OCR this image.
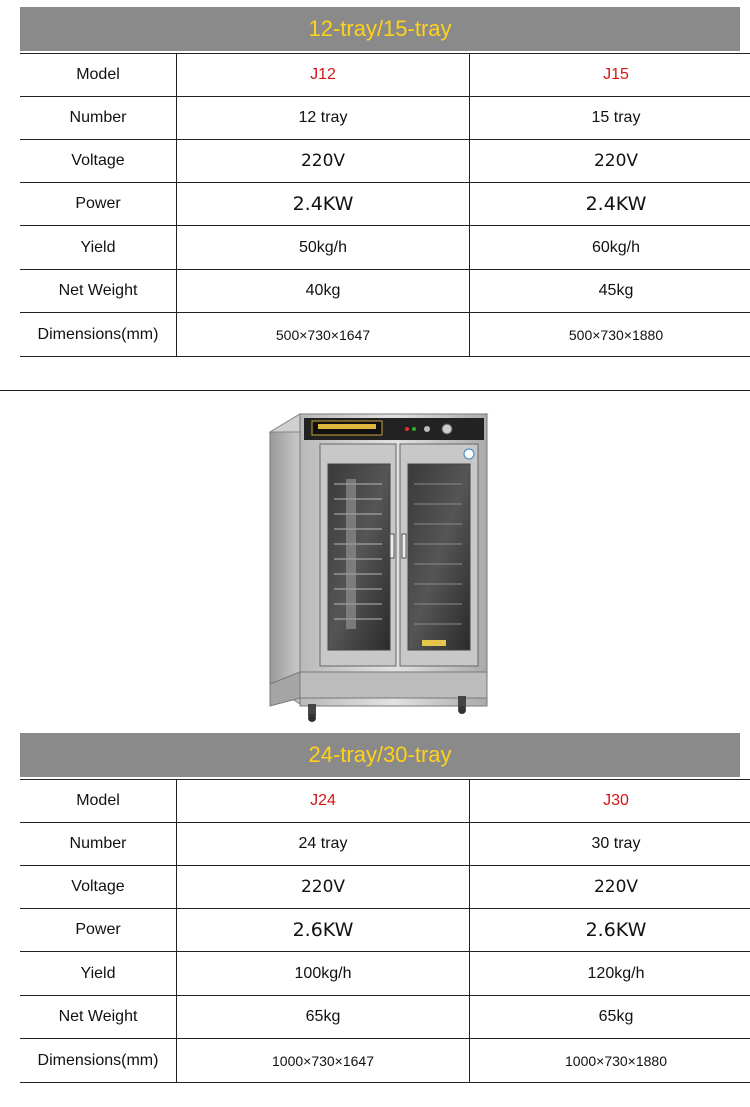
12-tray/15-tray
Model	J12	J15
Number	12 tray	15 tray
Voltage	220V	220V
Power	2.4KW	2.4KW
Yield	50kg/h	60kg/h
Net Weight	40kg	45kg
Dimensions(mm)	500×730×1647	500×730×1880
24-tray/30-tray
Model	J24	J30
Number	24 tray	30 tray
Voltage	220V	220V
Power	2.6KW	2.6KW
Yield	100kg/h	120kg/h
Net Weight	65kg	65kg
Dimensions(mm)	1000×730×1647	1000×730×1880
